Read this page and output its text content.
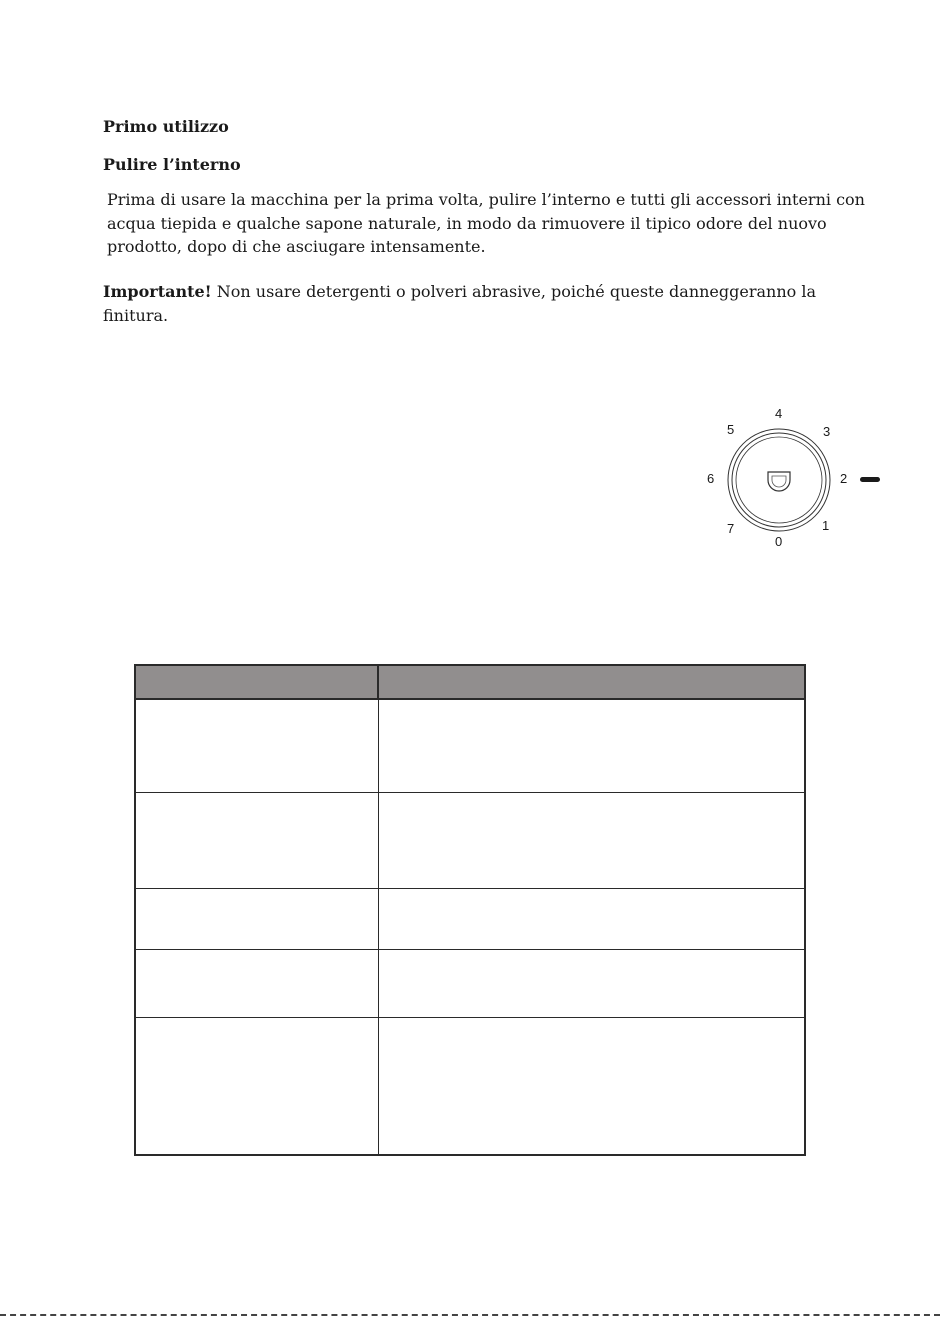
Primo utilizzo
Pulire l’interno

Prima di usare la macchina per la prima volta, pulire l’interno e tutti gli accessori interni con
acqua tiepida e qualche sapone naturale, in modo da rimuovere il tipico odore del nuovo
prodotto, dopo di che asciugare intensamente.

Importante! Non usare detergenti o polveri abrasive, poiché queste danneggeranno la
finitura.

4
5	3
6	2
7	1
0
